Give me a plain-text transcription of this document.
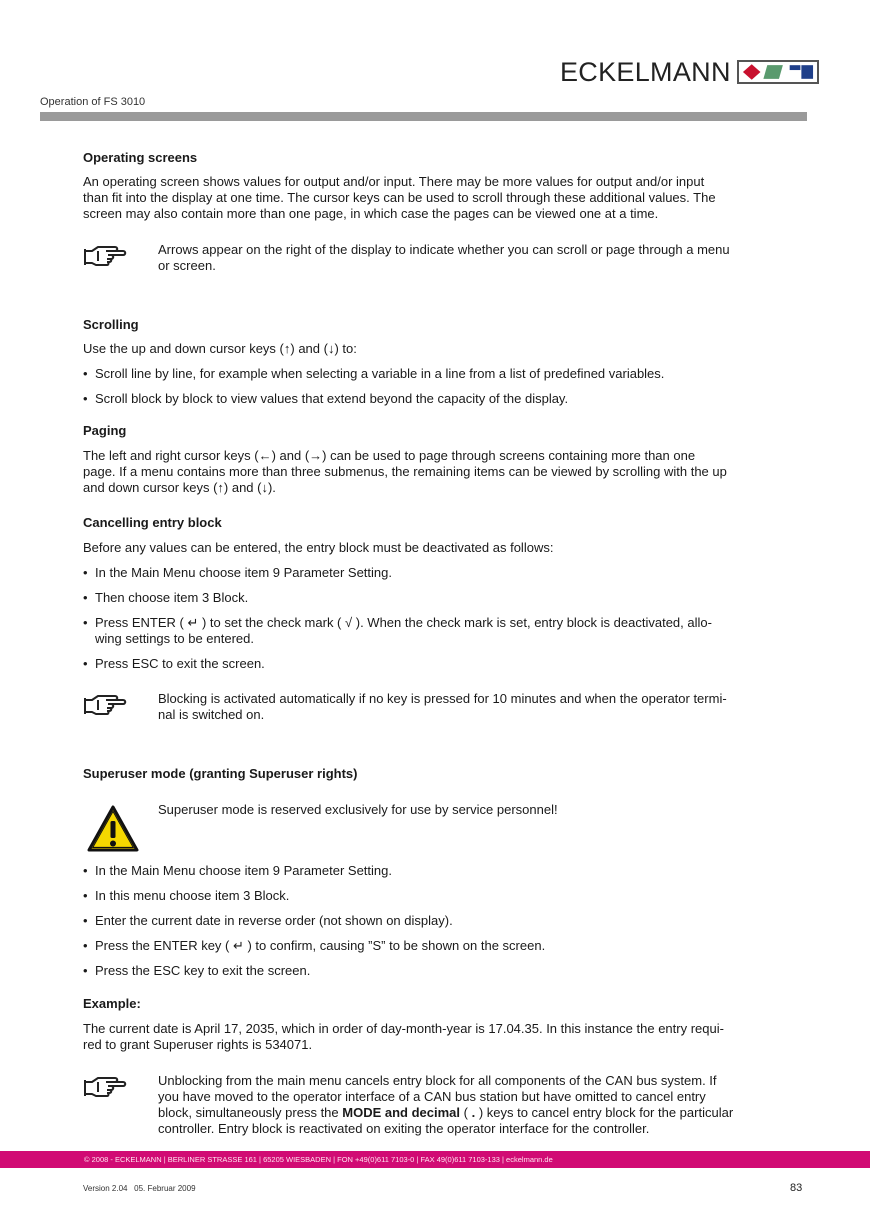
ECKELMANN
Operation of FS 3010

Operating screens

An operating screen shows values for output and/or input. There may be more values for output and/or input

than fit into the display at one time. The cursor keys can be used to scroll through these additional values. The

screen may also contain more than one page, in which case the pages can be viewed one at a time.

Arrows appear on the right of the display to indicate whether you can scroll or page through a menu
or screen.

Scrolling

Use the up and down cursor keys (↑) and (↓) to:

• Scroll line by line, for example when selecting a variable in a line from a list of predefined variables.
• Scroll block by block to view values that extend beyond the capacity of the display.

Paging

The left and right cursor keys (←) and (→) can be used to page through screens containing more than one

page. If a menu contains more than three submenus, the remaining items can be viewed by scrolling with the up

and down cursor keys (↑) and (↓).

Cancelling entry block

Before any values can be entered, the entry block must be deactivated as follows:

• In the Main Menu choose item 9 Parameter Setting.
• Then choose item 3 Block.
• Press ENTER ( ↵ ) to set the check mark ( √ ). When the check mark is set, entry block is deactivated, allo-
wing settings to be entered.
• Press ESC to exit the screen.
Blocking is activated automatically if no key is pressed for 10 minutes and when the operator termi-
nal is switched on.

Superuser mode (granting Superuser rights)

Superuser mode is reserved exclusively for use by service personnel!
• In the Main Menu choose item 9 Parameter Setting.
• In this menu choose item 3 Block.
• Enter the current date in reverse order (not shown on display).
• Press the ENTER key ( ↵ ) to confirm, causing ”S” to be shown on the screen.
• Press the ESC key to exit the screen.

Example:

The current date is April 17, 2035, which in order of day-month-year is 17.04.35. In this instance the entry requi-

red to grant Superuser rights is 534071.

Unblocking from the main menu cancels entry block for all components of the CAN bus system. If
you have moved to the operator interface of a CAN bus station but have omitted to cancel entry
block, simultaneously press the MODE and decimal ( . ) keys to cancel entry block for the particular
controller. Entry block is reactivated on exiting the operator interface for the controller.
© 2008 - ECKELMANN | BERLINER STRASSE 161 | 65205 WIESBADEN | FON +49(0)611 7103-0 | FAX 49(0)611 7103-133 | eckelmann.de
Version 2.04   05. Februar 2009	83
